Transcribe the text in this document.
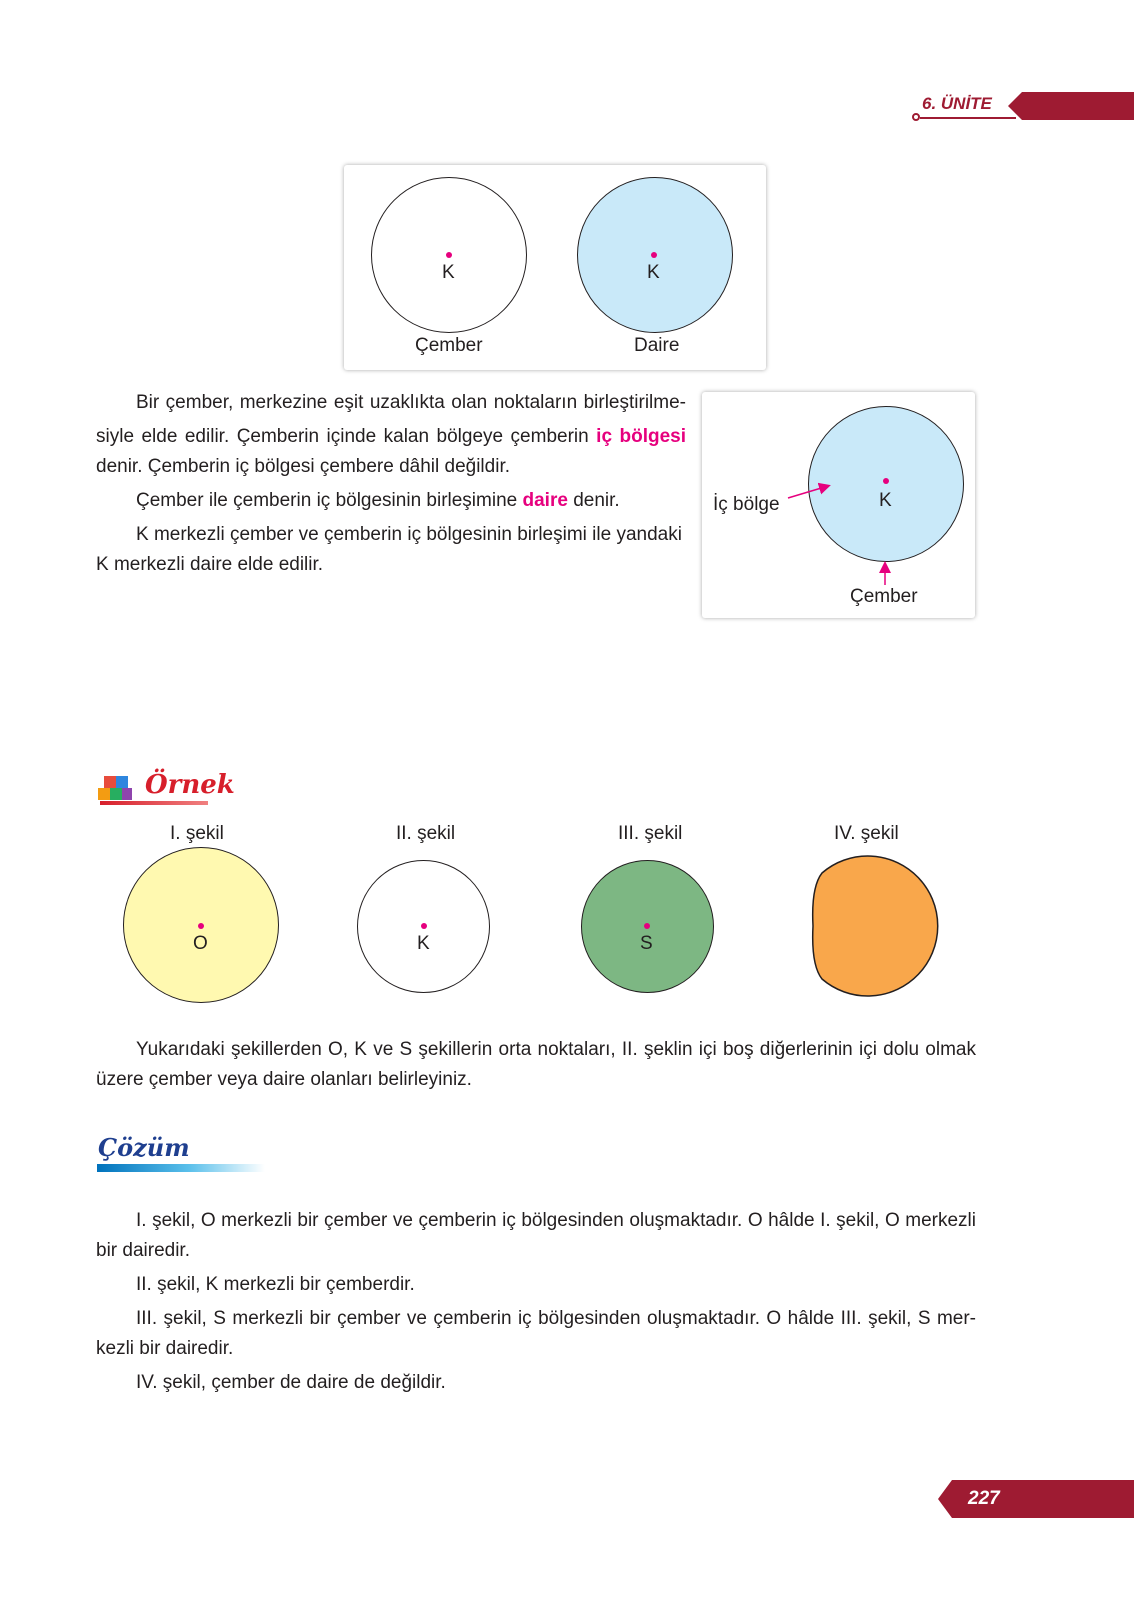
6. ÜNİTE
K
Çember
K
Daire
Bir çember, merkezine eşit uzaklıkta olan noktaların birleştirilme-
siyle elde edilir. Çemberin içinde kalan bölgeye çemberin iç bölgesi
denir. Çemberin iç bölgesi çembere dâhil değildir.
Çember ile çemberin iç bölgesinin birleşimine daire denir.
K merkezli çember ve çemberin iç bölgesinin birleşimi ile yandaki
K merkezli daire elde edilir.
K
İç bölge
Çember
Örnek
I. şekil	II. şekil	III. şekil	IV. şekil
O	K	S
Yukarıdaki şekillerden O, K ve S şekillerin orta noktaları, II. şeklin içi boş diğerlerinin içi dolu olmak
üzere çember veya daire olanları belirleyiniz.
Çözüm
I. şekil, O merkezli bir çember ve çemberin iç bölgesinden oluşmaktadır. O hâlde I. şekil, O merkezli
bir dairedir.
II. şekil, K merkezli bir çemberdir.
III. şekil, S merkezli bir çember ve çemberin iç bölgesinden oluşmaktadır. O hâlde III. şekil, S mer-
kezli bir dairedir.
IV. şekil, çember de daire de değildir.
227
